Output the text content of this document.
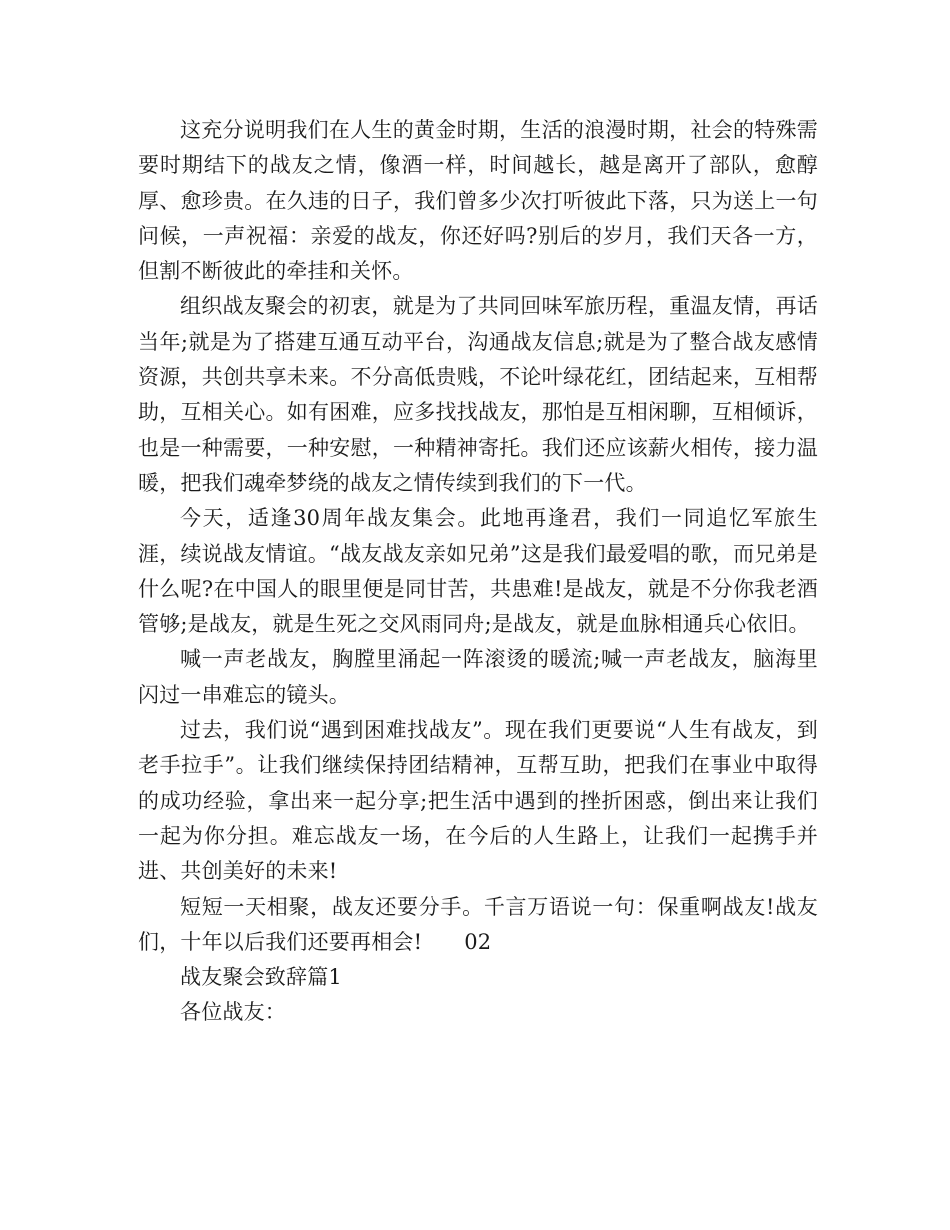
这充分说明我们在人生的黄金时期，生活的浪漫时期，社会的特殊需要时期结下的战友之情，像酒一样，时间越长，越是离开了部队，愈醇厚、愈珍贵。在久违的日子，我们曾多少次打听彼此下落，只为送上一句问候，一声祝福：亲爱的战友，你还好吗?别后的岁月，我们天各一方，但割不断彼此的牵挂和关怀。

组织战友聚会的初衷，就是为了共同回味军旅历程，重温友情，再话当年;就是为了搭建互通互动平台，沟通战友信息;就是为了整合战友感情资源，共创共享未来。不分高低贵贱，不论叶绿花红，团结起来，互相帮助，互相关心。如有困难，应多找找战友，那怕是互相闲聊，互相倾诉，也是一种需要，一种安慰，一种精神寄托。我们还应该薪火相传，接力温暖，把我们魂牵梦绕的战友之情传续到我们的下一代。

今天，适逢30周年战友集会。此地再逢君，我们一同追忆军旅生涯，续说战友情谊。“战友战友亲如兄弟”这是我们最爱唱的歌，而兄弟是什么呢?在中国人的眼里便是同甘苦，共患难!是战友，就是不分你我老酒管够;是战友，就是生死之交风雨同舟;是战友，就是血脉相通兵心依旧。

喊一声老战友，胸膛里涌起一阵滚烫的暖流;喊一声老战友，脑海里闪过一串难忘的镜头。

过去，我们说“遇到困难找战友”。现在我们更要说“人生有战友，到老手拉手”。让我们继续保持团结精神，互帮互助，把我们在事业中取得的成功经验，拿出来一起分享;把生活中遇到的挫折困惑，倒出来让我们一起为你分担。难忘战友一场，在今后的人生路上，让我们一起携手并进、共创美好的未来!

短短一天相聚，战友还要分手。千言万语说一句：保重啊战友!战友们，十年以后我们还要再相会! 02

战友聚会致辞篇1

各位战友：
